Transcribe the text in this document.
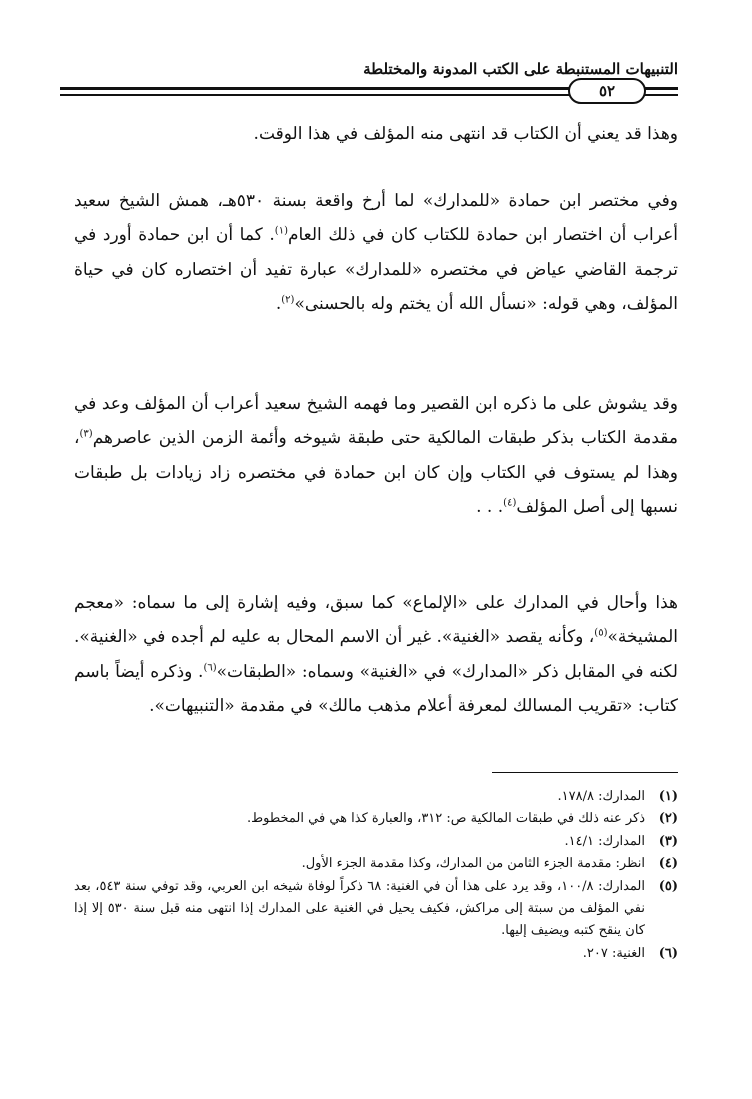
التنبيهات المستنبطة على الكتب المدونة والمختلطة
٥٢

وهذا قد يعني أن الكتاب قد انتهى منه المؤلف في هذا الوقت.

وفي مختصر ابن حمادة «للمدارك» لما أرخ واقعة بسنة ٥٣٠هـ، همش الشيخ سعيد أعراب أن اختصار ابن حمادة للكتاب كان في ذلك العام$^{(١)}$. كما أن ابن حمادة أورد في ترجمة القاضي عياض في مختصره «للمدارك» عبارة تفيد أن اختصاره كان في حياة المؤلف، وهي قوله: «نسأل الله أن يختم وله بالحسنى»$^{(٢)}$.

وقد يشوش على ما ذكره ابن القصير وما فهمه الشيخ سعيد أعراب أن المؤلف وعد في مقدمة الكتاب بذكر طبقات المالكية حتى طبقة شيوخه وأئمة الزمن الذين عاصرهم$^{(٣)}$، وهذا لم يستوف في الكتاب وإن كان ابن حمادة في مختصره زاد زيادات بل طبقات نسبها إلى أصل المؤلف$^{(٤)}$. . .

هذا وأحال في المدارك على «الإلماع» كما سبق، وفيه إشارة إلى ما سماه: «معجم المشيخة»$^{(٥)}$، وكأنه يقصد «الغنية». غير أن الاسم المحال به عليه لم أجده في «الغنية». لكنه في المقابل ذكر «المدارك» في «الغنية» وسماه: «الطبقات»$^{(٦)}$. وذكره أيضاً باسم كتاب: «تقريب المسالك لمعرفة أعلام مذهب مالك» في مقدمة «التنبيهات».

(١)
المدارك: ١٧٨/٨.
(٢)
ذكر عنه ذلك في طبقات المالكية ص: ٣١٢، والعبارة كذا هي في المخطوط.
(٣)
المدارك: ١٤/١.
(٤)
انظر: مقدمة الجزء الثامن من المدارك، وكذا مقدمة الجزء الأول.
(٥)
المدارك: ١٠٠/٨، وقد يرد على هذا أن في الغنية: ٦٨ ذكراً لوفاة شيخه ابن العربي، وقد توفي سنة ٥٤٣، بعد نفي المؤلف من سبتة إلى مراكش، فكيف يحيل في الغنية على المدارك إذا انتهى منه قبل سنة ٥٣٠ إلا إذا كان ينقح كتبه ويضيف إليها.
(٦)
الغنية: ٢٠٧.
